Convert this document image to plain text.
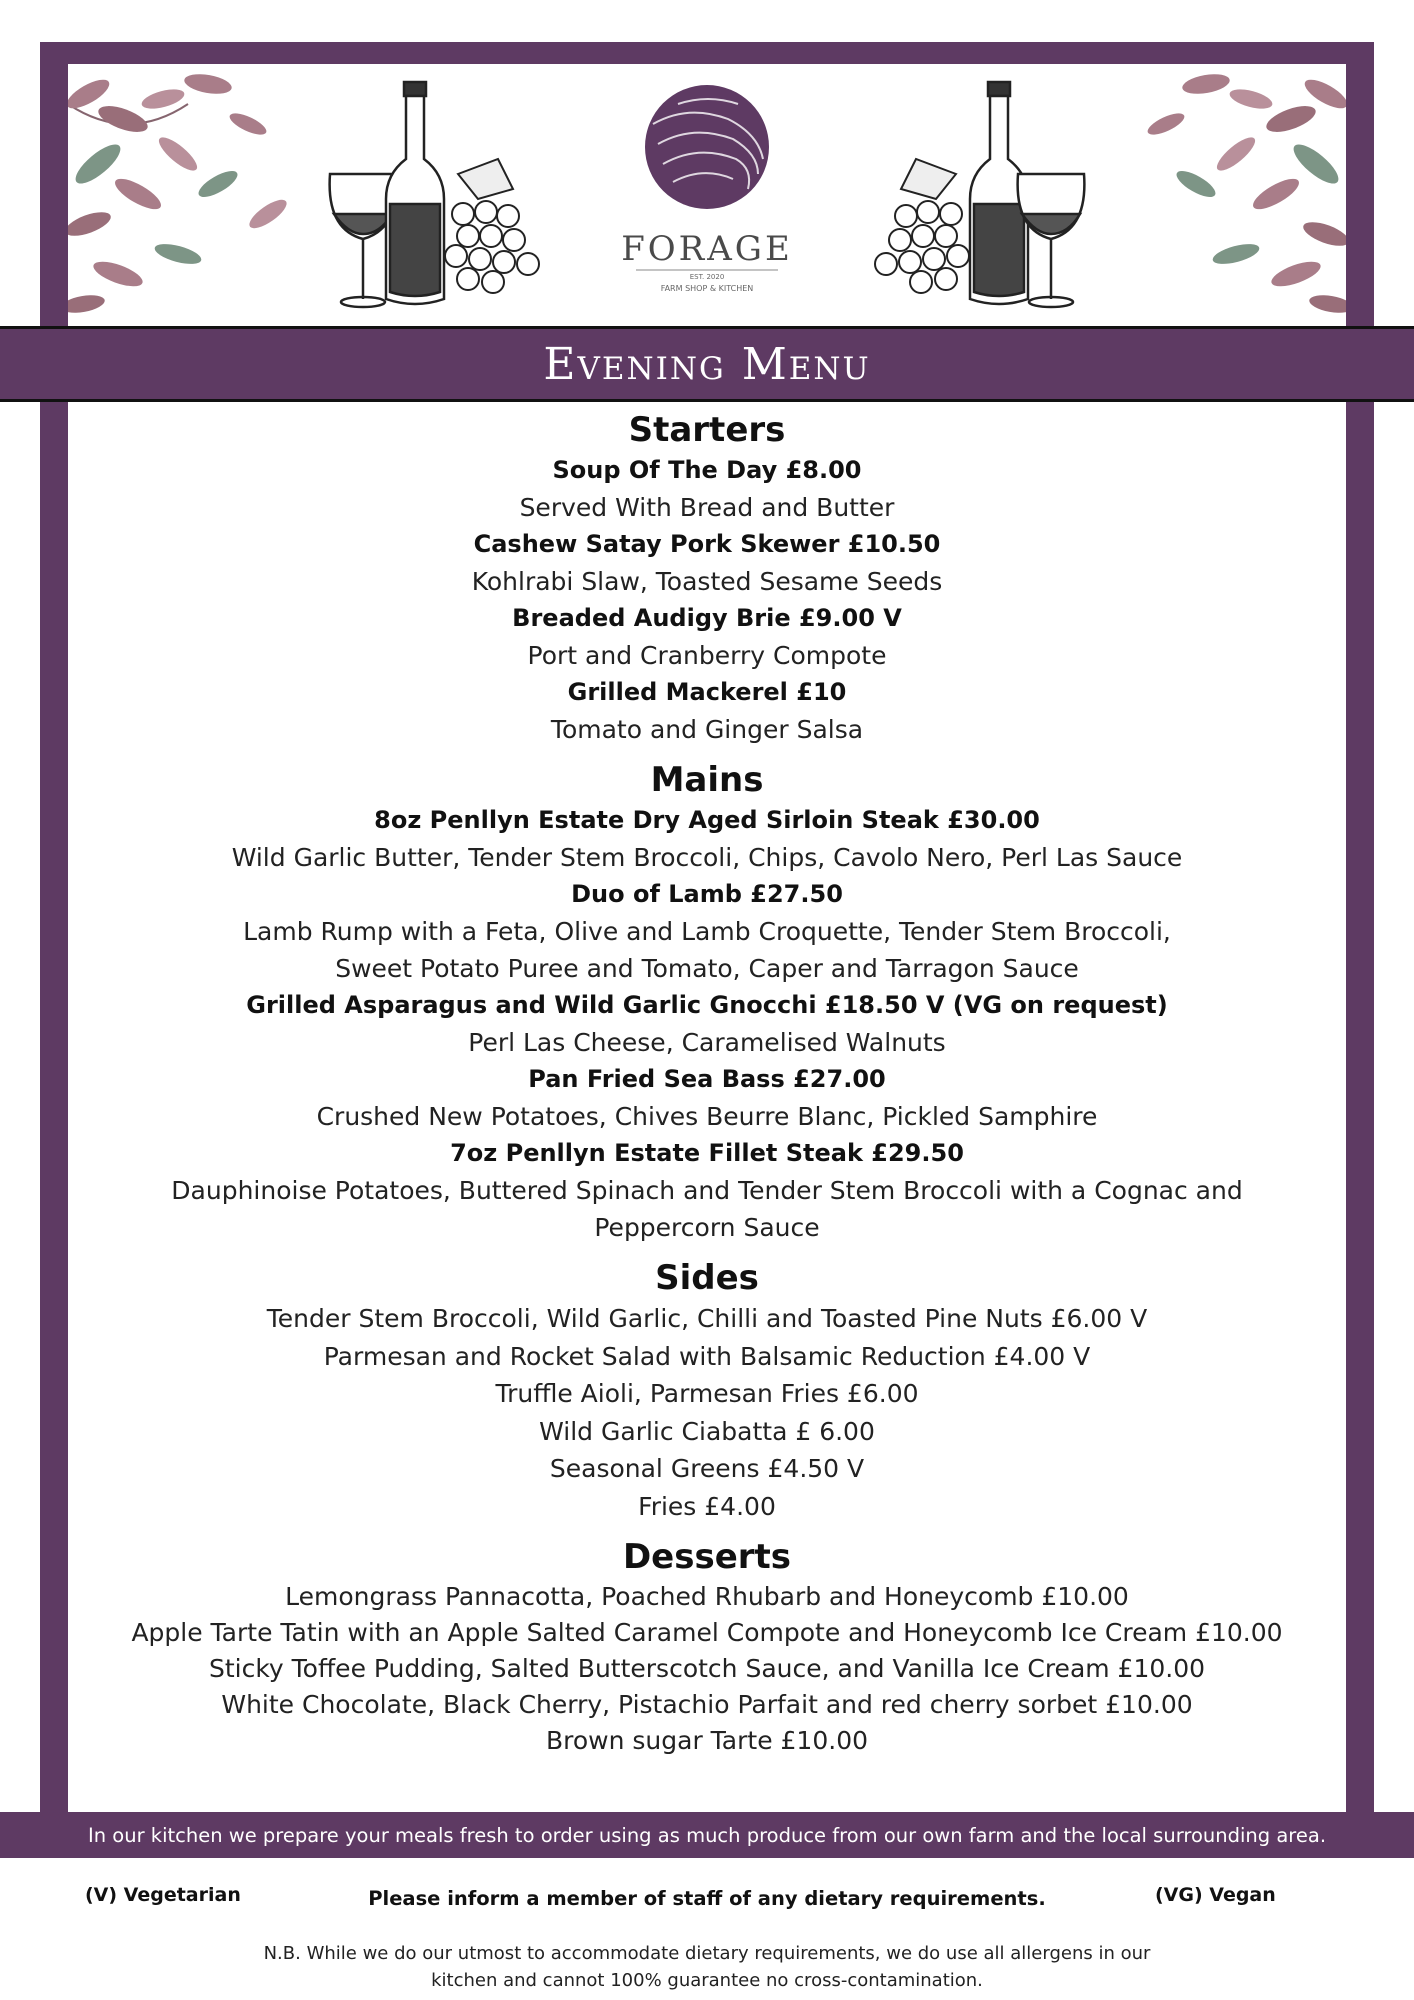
FORAGE
EST. 2020
FARM SHOP & KITCHEN
Evening Menu
Starters
Soup Of The Day £8.00
Served With Bread and Butter
Cashew Satay Pork Skewer £10.50
Kohlrabi Slaw, Toasted Sesame Seeds
Breaded Audigy Brie £9.00 V
Port and Cranberry Compote
Grilled Mackerel £10
Tomato and Ginger Salsa
Mains
8oz Penllyn Estate Dry Aged Sirloin Steak £30.00
Wild Garlic Butter, Tender Stem Broccoli, Chips, Cavolo Nero, Perl Las Sauce
Duo of Lamb £27.50
Lamb Rump with a Feta, Olive and Lamb Croquette, Tender Stem Broccoli,
Sweet Potato Puree and Tomato, Caper and Tarragon Sauce
Grilled Asparagus and Wild Garlic Gnocchi £18.50 V (VG on request)
Perl Las Cheese, Caramelised Walnuts
Pan Fried Sea Bass £27.00
Crushed New Potatoes, Chives Beurre Blanc, Pickled Samphire
7oz Penllyn Estate Fillet Steak £29.50
Dauphinoise Potatoes, Buttered Spinach and Tender Stem Broccoli with a Cognac and
Peppercorn Sauce
Sides
Tender Stem Broccoli, Wild Garlic, Chilli and Toasted Pine Nuts £6.00 V
Parmesan and Rocket Salad with Balsamic Reduction £4.00 V
Truffle Aioli, Parmesan Fries £6.00
Wild Garlic Ciabatta £ 6.00
Seasonal Greens £4.50 V
Fries £4.00
Desserts
Lemongrass Pannacotta, Poached Rhubarb and Honeycomb £10.00
Apple Tarte Tatin with an Apple Salted Caramel Compote and Honeycomb Ice Cream £10.00
Sticky Toffee Pudding, Salted Butterscotch Sauce, and Vanilla Ice Cream £10.00
White Chocolate, Black Cherry, Pistachio Parfait and red cherry sorbet £10.00
Brown sugar Tarte £10.00
In our kitchen we prepare your meals fresh to order using as much produce from our own farm and the local surrounding area.
(V) Vegetarian	Please inform a member of staff of any dietary requirements.	(VG) Vegan
N.B. While we do our utmost to accommodate dietary requirements, we do use all allergens in our
kitchen and cannot 100% guarantee no cross-contamination.
